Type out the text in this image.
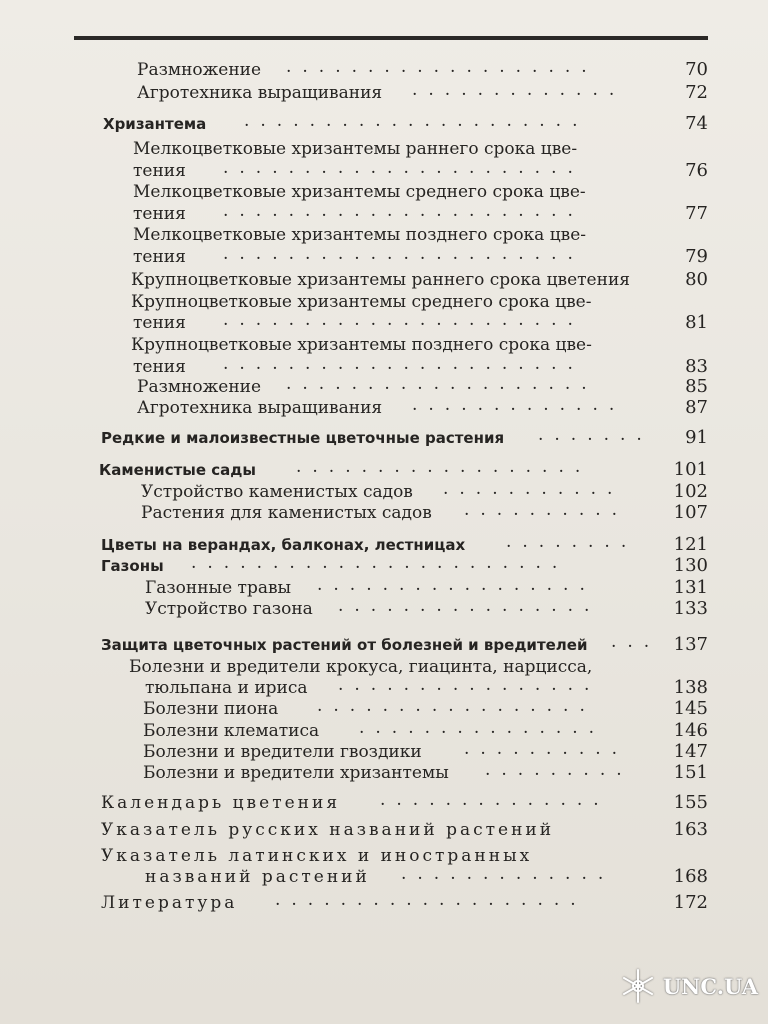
Размножение	70
...................
Агротехника выращивания	72
.............
Хризантема	74
.....................
Мелкоцветковые хризантемы раннего срока цве-
тения	76
......................
Мелкоцветковые хризантемы среднего срока цве-
тения	77
......................
Мелкоцветковые хризантемы позднего срока цве-
тения	79
......................
Крупноцветковые хризантемы раннего срока цветения	80
Крупноцветковые хризантемы среднего срока цве-
тения	81
......................
Крупноцветковые хризантемы позднего срока цве-
тения	83
......................
Размножение	85
...................
Агротехника выращивания	87
.............
Редкие и малоизвестные цветочные растения	91
.......
Каменистые сады	101
..................
Устройство каменистых садов	102
...........
Растения для каменистых садов	107
..........
Цветы на верандах, балконах, лестницах	121
........
Газоны	130
.......................
Газонные травы	131
.................
Устройство газона	133
................
Защита цветочных растений от болезней и вредителей	137
...
Болезни и вредители крокуса, гиацинта, нарцисса,
тюльпана и ириса	138
................
Болезни пиона	145
.................
Болезни клематиса	146
...............
Болезни и вредители гвоздики	147
..........
Болезни и вредители хризантемы	151
.........
Календарь цветения	155
..............
Указатель русских названий растений	163
Указатель латинских и иностранных
названий растений	168
.............
Литература	172
...................
UNC.UA
